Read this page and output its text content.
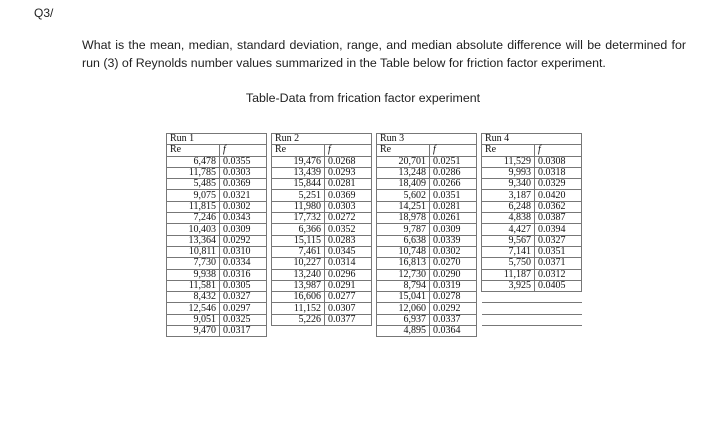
Q3/
What is the mean, median, standard deviation, range, and median absolute difference will be determined for run (3) of Reynolds number values summarized in the Table below for friction factor experiment.
Table-Data from frication factor experiment
Run 1			Run 2			Run 3			Run 4	
Re	f		Re	f		Re	f		Re	f
6,478	0.0355		19,476	0.0268		20,701	0.0251		11,529	0.0308
11,785	0.0303		13,439	0.0293		13,248	0.0286		9,993	0.0318
5,485	0.0369		15,844	0.0281		18,409	0.0266		9,340	0.0329
9,075	0.0321		5,251	0.0369		5,602	0.0351		3,187	0.0420
11,815	0.0302		11,980	0.0303		14,251	0.0281		6,248	0.0362
7,246	0.0343		17,732	0.0272		18,978	0.0261		4,838	0.0387
10,403	0.0309		6,366	0.0352		9,787	0.0309		4,427	0.0394
13,364	0.0292		15,115	0.0283		6,638	0.0339		9,567	0.0327
10,811	0.0310		7,461	0.0345		10,748	0.0302		7,141	0.0351
7,730	0.0334		10,227	0.0314		16,813	0.0270		5,750	0.0371
9,938	0.0316		13,240	0.0296		12,730	0.0290		11,187	0.0312
11,581	0.0305		13,987	0.0291		8,794	0.0319		3,925	0.0405
8,432	0.0327		16,606	0.0277		15,041	0.0278			
12,546	0.0297		11,152	0.0307		12,060	0.0292			
9,051	0.0325		5,226	0.0377		6,937	0.0337			
9,470	0.0317					4,895	0.0364			
